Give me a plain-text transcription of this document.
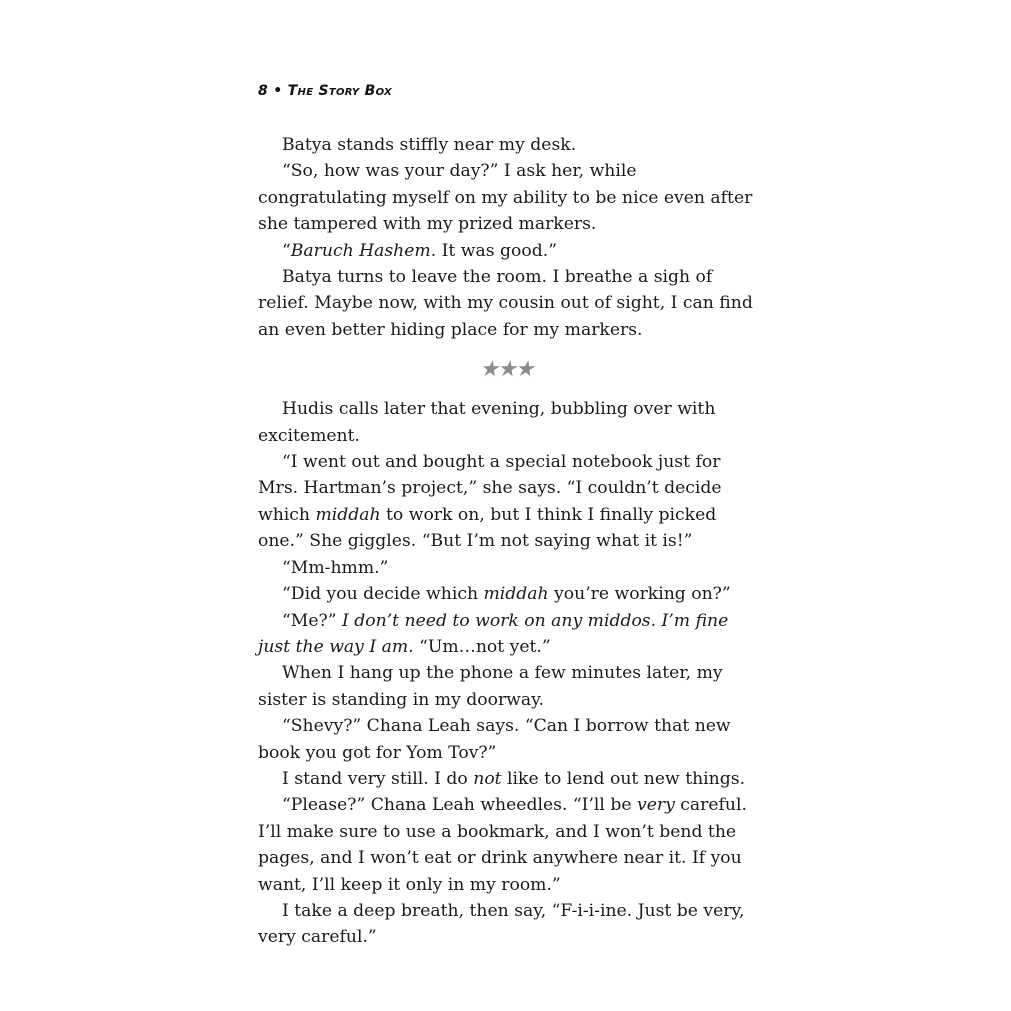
8 • The Story Box

Batya stands stiffly near my desk.

“So, how was your day?” I ask her, while congratulating myself on my ability to be nice even after she tampered with my prized markers.

“Baruch Hashem. It was good.”

Batya turns to leave the room. I breathe a sigh of relief. Maybe now, with my cousin out of sight, I can find an even better hiding place for my markers.

★★★

Hudis calls later that evening, bubbling over with excitement.

“I went out and bought a special notebook just for Mrs. Hartman’s project,” she says. “I couldn’t decide which middah to work on, but I think I finally picked one.” She giggles. “But I’m not saying what it is!”

“Mm-hmm.”

“Did you decide which middah you’re working on?”

“Me?” I don’t need to work on any middos. I’m fine just the way I am. “Um…not yet.”

When I hang up the phone a few minutes later, my sister is standing in my doorway.

“Shevy?” Chana Leah says. “Can I borrow that new book you got for Yom Tov?”

I stand very still. I do not like to lend out new things.

“Please?” Chana Leah wheedles. “I’ll be very careful. I’ll make sure to use a bookmark, and I won’t bend the pages, and I won’t eat or drink anywhere near it. If you want, I’ll keep it only in my room.”

I take a deep breath, then say, “F-i-i-ine. Just be very, very careful.”
